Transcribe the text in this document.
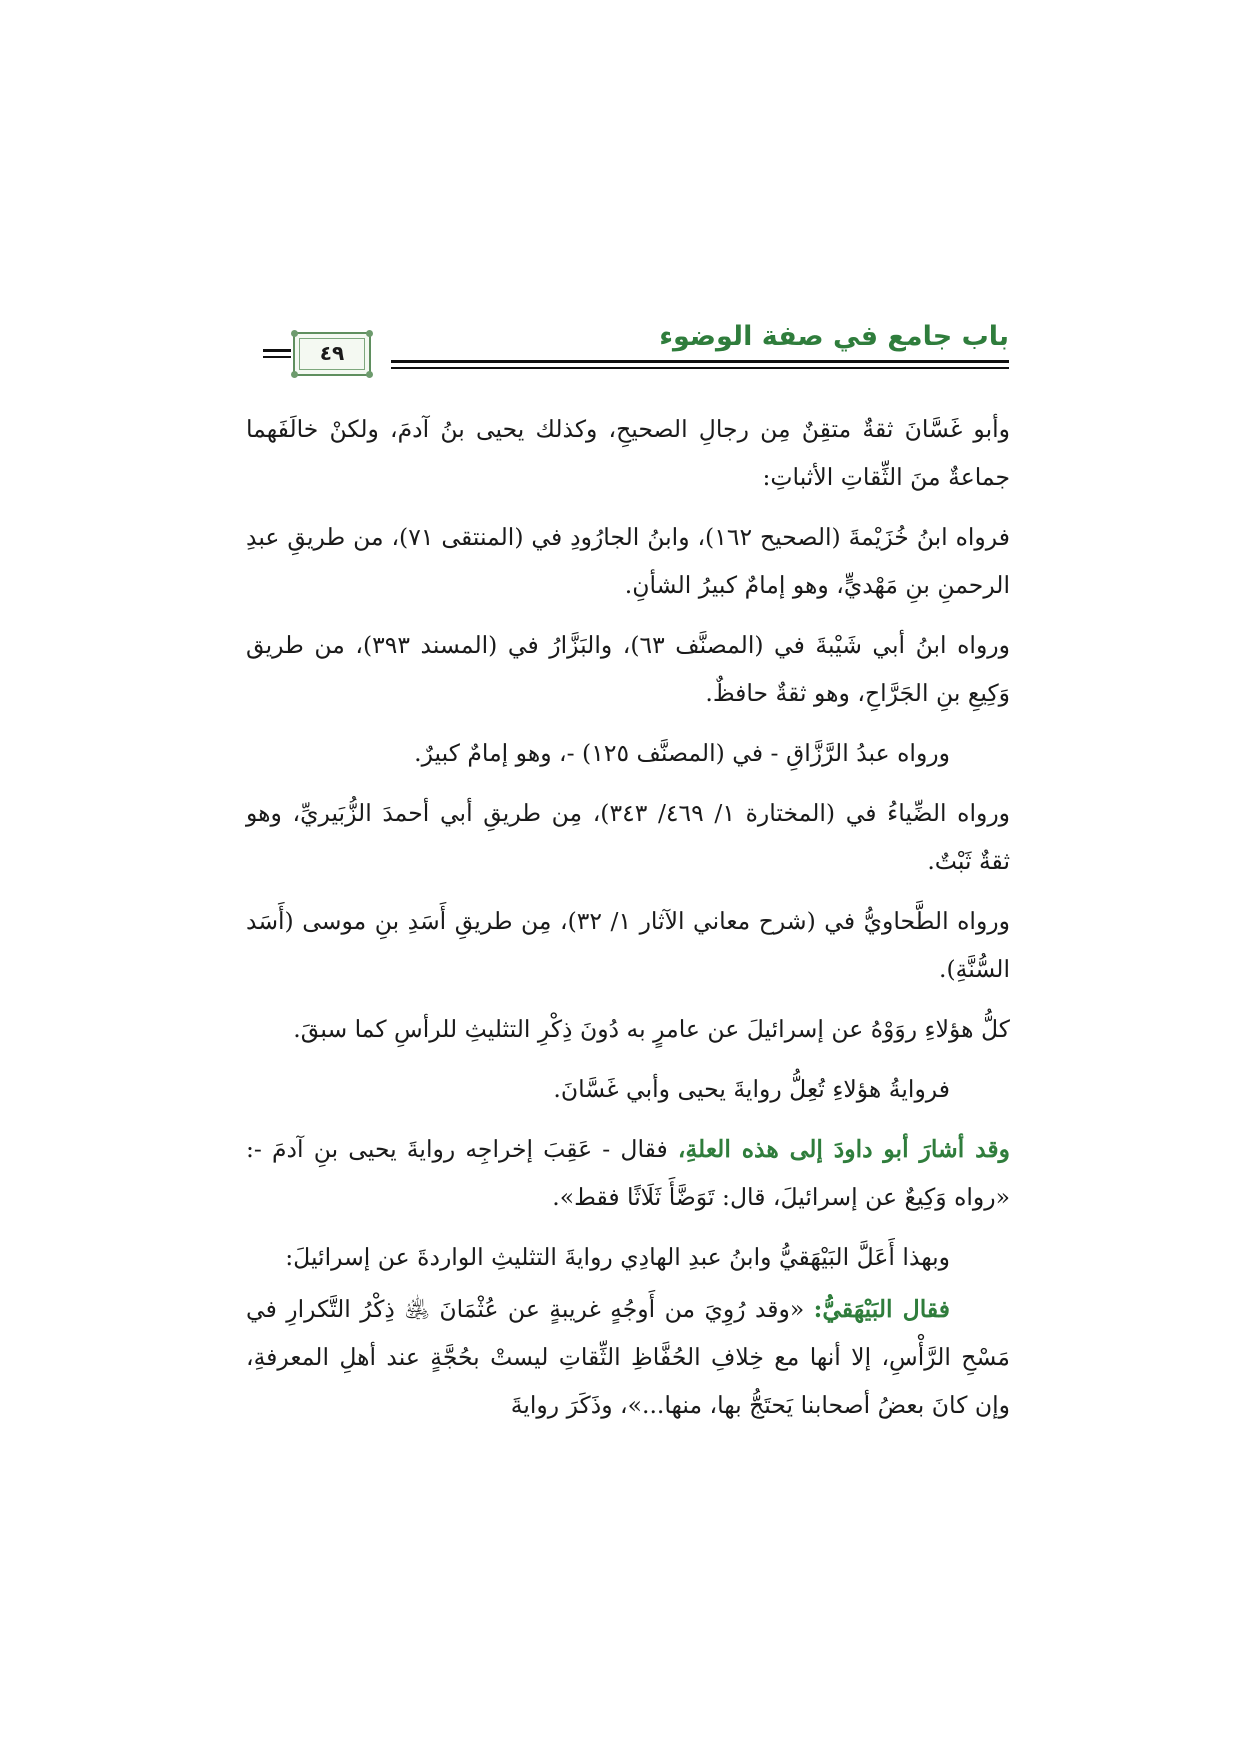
باب جامع في صفة الوضوء
٤٩

وأبو غَسَّانَ ثقةٌ متقِنٌ مِن رجالِ الصحيحِ، وكذلك يحيى بنُ آدمَ، ولكنْ خالَفَهما جماعةٌ منَ الثِّقاتِ الأثباتِ:

فرواه ابنُ خُزَيْمةَ (الصحيح ١٦٢)، وابنُ الجارُودِ في (المنتقى ٧١)، من طريقِ عبدِ الرحمنِ بنِ مَهْديٍّ، وهو إمامٌ كبيرُ الشأنِ.

ورواه ابنُ أبي شَيْبةَ في (المصنَّف ٦٣)، والبَزَّارُ في (المسند ٣٩٣)، من طريق وَكِيعِ بنِ الجَرَّاحِ، وهو ثقةٌ حافظٌ.

ورواه عبدُ الرَّزَّاقِ - في (المصنَّف ١٢٥) -، وهو إمامٌ كبيرٌ.

ورواه الضِّياءُ في (المختارة ١/ ٤٦٩/ ٣٤٣)، مِن طريقِ أبي أحمدَ الزُّبَيريِّ، وهو ثقةٌ ثَبْتٌ.

ورواه الطَّحاويُّ في (شرح معاني الآثار ١/ ٣٢)، مِن طريقِ أَسَدِ بنِ موسى (أَسَد السُّنَّةِ).

كلُّ هؤلاءِ روَوْهُ عن إسرائيلَ عن عامرٍ به دُونَ ذِكْرِ التثليثِ للرأسِ كما سبقَ.

فروايةُ هؤلاءِ تُعِلُّ روايةَ يحيى وأبي غَسَّانَ.

وقد أشارَ أبو داودَ إلى هذه العلةِ، فقال - عَقِبَ إخراجِه روايةَ يحيى بنِ آدمَ -: «رواه وَكِيعٌ عن إسرائيلَ، قال: تَوَضَّأَ ثَلَاثًا فقط».

وبهذا أَعَلَّ البَيْهَقيُّ وابنُ عبدِ الهادِي روايةَ التثليثِ الواردةَ عن إسرائيلَ:

فقال البَيْهَقيُّ: «وقد رُوِيَ من أَوجُهٍ غريبةٍ عن عُثْمَانَ ﵁ ذِكْرُ التَّكرارِ في مَسْحِ الرَّأْسِ، إلا أنها مع خِلافِ الحُفَّاظِ الثِّقاتِ ليستْ بحُجَّةٍ عند أهلِ المعرفةِ، وإن كانَ بعضُ أصحابنا يَحتَجُّ بها، منها...»، وذَكَرَ روايةَ
